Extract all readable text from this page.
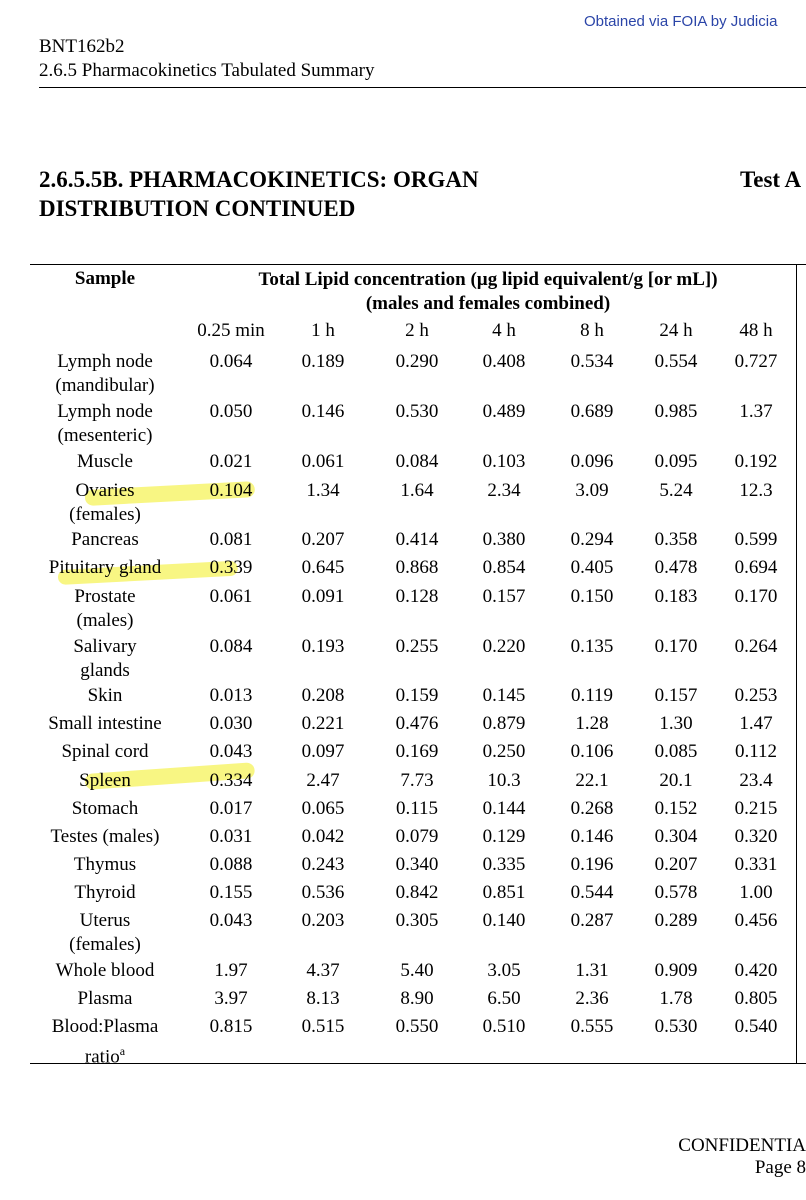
Obtained via FOIA by Judicia
BNT162b2
2.6.5 Pharmacokinetics Tabulated Summary
2.6.5.5B. PHARMACOKINETICS: ORGAN
DISTRIBUTION CONTINUED
Test A
Sample	Total Lipid concentration (µg lipid equivalent/g [or mL])
(males and females combined)
0.25 min	1 h	2 h	4 h	8 h	24 h	48 h
Lymph node
(mandibular)
0.064	0.189	0.290	0.408	0.534	0.554	0.727
Lymph node
(mesenteric)
0.050	0.146	0.530	0.489	0.689	0.985	1.37
Muscle	0.021	0.061	0.084	0.103	0.096	0.095	0.192
Ovaries
(females)
0.104	1.34	1.64	2.34	3.09	5.24	12.3
Pancreas	0.081	0.207	0.414	0.380	0.294	0.358	0.599
Pituitary gland	0.339	0.645	0.868	0.854	0.405	0.478	0.694
Prostate
(males)
0.061	0.091	0.128	0.157	0.150	0.183	0.170
Salivary
glands
0.084	0.193	0.255	0.220	0.135	0.170	0.264
Skin	0.013	0.208	0.159	0.145	0.119	0.157	0.253
Small intestine	0.030	0.221	0.476	0.879	1.28	1.30	1.47
Spinal cord	0.043	0.097	0.169	0.250	0.106	0.085	0.112
Spleen	0.334	2.47	7.73	10.3	22.1	20.1	23.4
Stomach	0.017	0.065	0.115	0.144	0.268	0.152	0.215
Testes (males)	0.031	0.042	0.079	0.129	0.146	0.304	0.320
Thymus	0.088	0.243	0.340	0.335	0.196	0.207	0.331
Thyroid	0.155	0.536	0.842	0.851	0.544	0.578	1.00
Uterus
(females)
0.043	0.203	0.305	0.140	0.287	0.289	0.456
Whole blood	1.97	4.37	5.40	3.05	1.31	0.909	0.420
Plasma	3.97	8.13	8.90	6.50	2.36	1.78	0.805
Blood:Plasma
ratio$^a$
0.815	0.515	0.550	0.510	0.555	0.530	0.540
CONFIDENTIA
Page 8
